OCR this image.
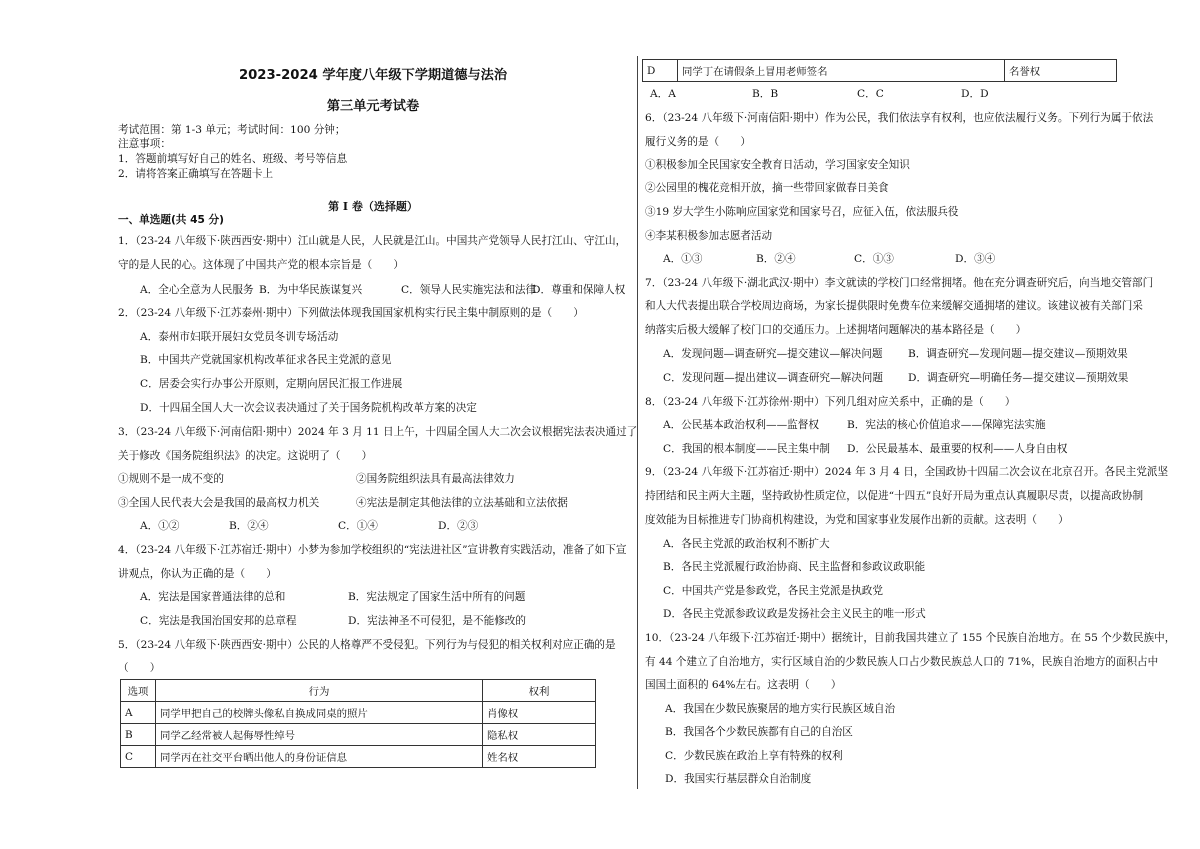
2023-2024 学年度八年级下学期道德与法治
第三单元考试卷
考试范围：第 1-3 单元；考试时间：100 分钟；
注意事项：
1．答题前填写好自己的姓名、班级、考号等信息
2．请将答案正确填写在答题卡上
第 I 卷（选择题）
一、单选题(共 45 分)
1．（23-24 八年级下·陕西西安·期中）江山就是人民，人民就是江山。中国共产党领导人民打江山、守江山，
守的是人民的心。这体现了中国共产党的根本宗旨是（　　）
A．全心全意为人民服务 B．为中华民族谋复兴	C．领导人民实施宪法和法律
D．尊重和保障人权
2．（23-24 八年级下·江苏泰州·期中）下列做法体现我国国家机构实行民主集中制原则的是（　　）
A．泰州市妇联开展妇女党员冬训专场活动
B．中国共产党就国家机构改革征求各民主党派的意见
C．居委会实行办事公开原则，定期向居民汇报工作进展
D．十四届全国人大一次会议表决通过了关于国务院机构改革方案的决定
3．（23-24 八年级下·河南信阳·期中）2024 年 3 月 11 日上午，十四届全国人大二次会议根据宪法表决通过了
关于修改《国务院组织法》的决定。这说明了（　　）
①规则不是一成不变的	②国务院组织法具有最高法律效力
③全国人民代表大会是我国的最高权力机关	④宪法是制定其他法律的立法基础和立法依据
A．①②	B．②④	C．①④	D．②③
4．（23-24 八年级下·江苏宿迁·期中）小梦为参加学校组织的“宪法进社区”宣讲教育实践活动，准备了如下宣
讲观点，你认为正确的是（　　）
A．宪法是国家普通法律的总和	B．宪法规定了国家生活中所有的问题
C．宪法是我国治国安邦的总章程	D．宪法神圣不可侵犯，是不能修改的
5．（23-24 八年级下·陕西西安·期中）公民的人格尊严不受侵犯。下列行为与侵犯的相关权利对应正确的是
（　　）
选项	行为	权利
A	同学甲把自己的校牌头像私自换成同桌的照片	肖像权
B	同学乙经常被人起侮辱性绰号	隐私权
C	同学丙在社交平台晒出他人的身份证信息	姓名权
D	同学丁在请假条上冒用老师签名	名誉权
A．A	B．B	C．C	D．D
6．（23-24 八年级下·河南信阳·期中）作为公民，我们依法享有权利，也应依法履行义务。下列行为属于依法
履行义务的是（　　）
①积极参加全民国家安全教育日活动，学习国家安全知识
②公园里的槐花竞相开放，摘一些带回家做春日美食
③19 岁大学生小陈响应国家党和国家号召，应征入伍，依法服兵役
④李某积极参加志愿者活动
A．①③	B．②④	C．①③	D．③④
7．（23-24 八年级下·湖北武汉·期中）李文就读的学校门口经常拥堵。他在充分调查研究后，向当地交管部门
和人大代表提出联合学校周边商场，为家长提供限时免费车位来缓解交通拥堵的建议。该建议被有关部门采
纳落实后极大缓解了校门口的交通压力。上述拥堵问题解决的基本路径是（　　）
A．发现问题—调查研究—提交建议—解决问题 B．调查研究—发现问题—提交建议—预期效果
C．发现问题—提出建议—调查研究—解决问题 D．调查研究—明确任务—提交建议—预期效果
8．（23-24 八年级下·江苏徐州·期中）下列几组对应关系中，正确的是（　　）
A．公民基本政治权利——监督权	B．宪法的核心价值追求——保障宪法实施
C．我国的根本制度——民主集中制 D．公民最基本、最重要的权利——人身自由权
9．（23-24 八年级下·江苏宿迁·期中）2024 年 3 月 4 日，全国政协十四届二次会议在北京召开。各民主党派坚
持团结和民主两大主题，坚持政协性质定位，以促进“十四五”良好开局为重点认真履职尽责，以提高政协制
度效能为目标推进专门协商机构建设，为党和国家事业发展作出新的贡献。这表明（　　）
A．各民主党派的政治权利不断扩大
B．各民主党派履行政治协商、民主监督和参政议政职能
C．中国共产党是参政党，各民主党派是执政党
D．各民主党派参政议政是发扬社会主义民主的唯一形式
10．（23-24 八年级下·江苏宿迁·期中）据统计，目前我国共建立了 155 个民族自治地方。在 55 个少数民族中，
有 44 个建立了自治地方，实行区域自治的少数民族人口占少数民族总人口的 71%，民族自治地方的面积占中
国国土面积的 64%左右。这表明（　　）
A．我国在少数民族聚居的地方实行民族区域自治
B．我国各个少数民族都有自己的自治区
C．少数民族在政治上享有特殊的权利
D．我国实行基层群众自治制度
